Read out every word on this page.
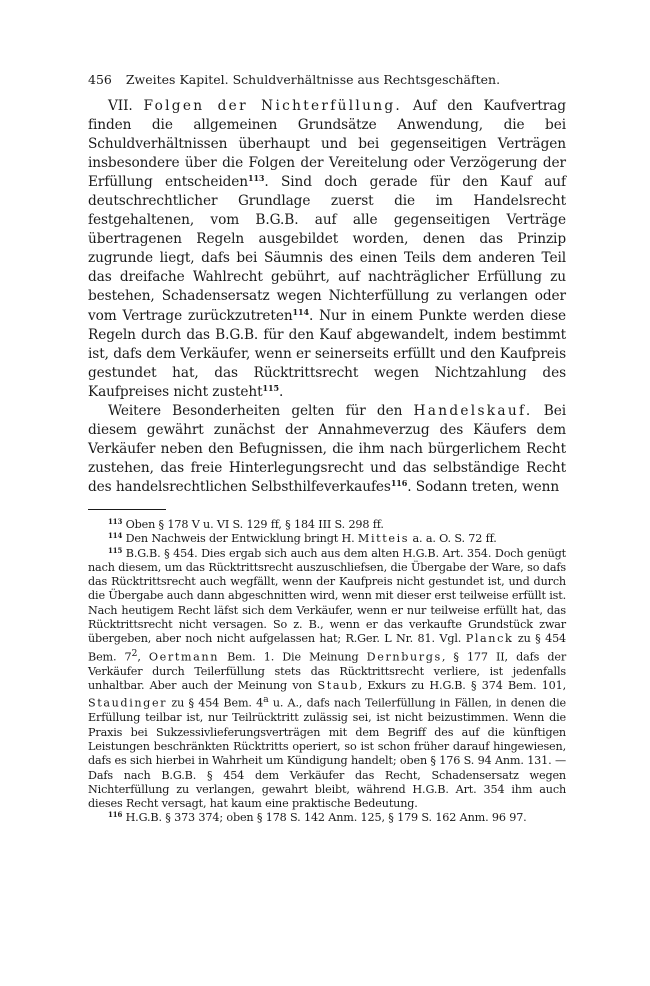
456 Zweites Kapitel. Schuldverhältnisse aus Rechtsgeschäften.

VII. Folgen der Nichterfüllung. Auf den Kaufvertrag finden die allgemeinen Grundsätze Anwendung, die bei Schuldverhältnissen überhaupt und bei gegenseitigen Verträgen insbesondere über die Folgen der Vereitelung oder Verzögerung der Erfüllung entscheiden$^{113}$. Sind doch gerade für den Kauf auf deutschrechtlicher Grundlage zuerst die im Handelsrecht festgehaltenen, vom B.G.B. auf alle gegenseitigen Verträge übertragenen Regeln ausgebildet worden, denen das Prinzip zugrunde liegt, dafs bei Säumnis des einen Teils dem anderen Teil das dreifache Wahlrecht gebührt, auf nachträglicher Erfüllung zu bestehen, Schadensersatz wegen Nichterfüllung zu verlangen oder vom Vertrage zurückzutreten$^{114}$. Nur in einem Punkte werden diese Regeln durch das B.G.B. für den Kauf abgewandelt, indem bestimmt ist, dafs dem Verkäufer, wenn er seinerseits erfüllt und den Kaufpreis gestundet hat, das Rücktrittsrecht wegen Nichtzahlung des Kaufpreises nicht zusteht$^{115}$.

Weitere Besonderheiten gelten für den Handelskauf. Bei diesem gewährt zunächst der Annahmeverzug des Käufers dem Verkäufer neben den Befugnissen, die ihm nach bürgerlichem Recht zustehen, das freie Hinterlegungsrecht und das selbständige Recht des handelsrechtlichen Selbsthilfeverkaufes$^{116}$. Sodann treten, wenn

$^{113}$ Oben § 178 V u. VI S. 129 ff, § 184 III S. 298 ff.

$^{114}$ Den Nachweis der Entwicklung bringt H. Mitteis a. a. O. S. 72 ff.

$^{115}$ B.G.B. § 454. Dies ergab sich auch aus dem alten H.G.B. Art. 354. Doch genügt nach diesem, um das Rücktrittsrecht auszuschliefsen, die Übergabe der Ware, so dafs das Rücktrittsrecht auch wegfällt, wenn der Kaufpreis nicht gestundet ist, und durch die Übergabe auch dann abgeschnitten wird, wenn mit dieser erst teilweise erfüllt ist. Nach heutigem Recht läfst sich dem Verkäufer, wenn er nur teilweise erfüllt hat, das Rücktrittsrecht nicht versagen. So z. B., wenn er das verkaufte Grundstück zwar übergeben, aber noch nicht aufgelassen hat; R.Ger. L Nr. 81. Vgl. Planck zu § 454 Bem. $7^2$, Oertmann Bem. 1. Die Meinung Dernburgs, § 177 II, dafs der Verkäufer durch Teilerfüllung stets das Rücktrittsrecht verliere, ist jedenfalls unhaltbar. Aber auch der Meinung von Staub, Exkurs zu H.G.B. § 374 Bem. 101, Staudinger zu § 454 Bem. 4$^a$ u. A., dafs nach Teilerfüllung in Fällen, in denen die Erfüllung teilbar ist, nur Teilrücktritt zulässig sei, ist nicht beizustimmen. Wenn die Praxis bei Sukzessivlieferungsverträgen mit dem Begriff des auf die künftigen Leistungen beschränkten Rücktritts operiert, so ist schon früher darauf hingewiesen, dafs es sich hierbei in Wahrheit um Kündigung handelt; oben § 176 S. 94 Anm. 131. — Dafs nach B.G.B. § 454 dem Verkäufer das Recht, Schadensersatz wegen Nichterfüllung zu verlangen, gewahrt bleibt, während H.G.B. Art. 354 ihm auch dieses Recht versagt, hat kaum eine praktische Bedeutung.

$^{116}$ H.G.B. § 373 374; oben § 178 S. 142 Anm. 125, § 179 S. 162 Anm. 96 97.
